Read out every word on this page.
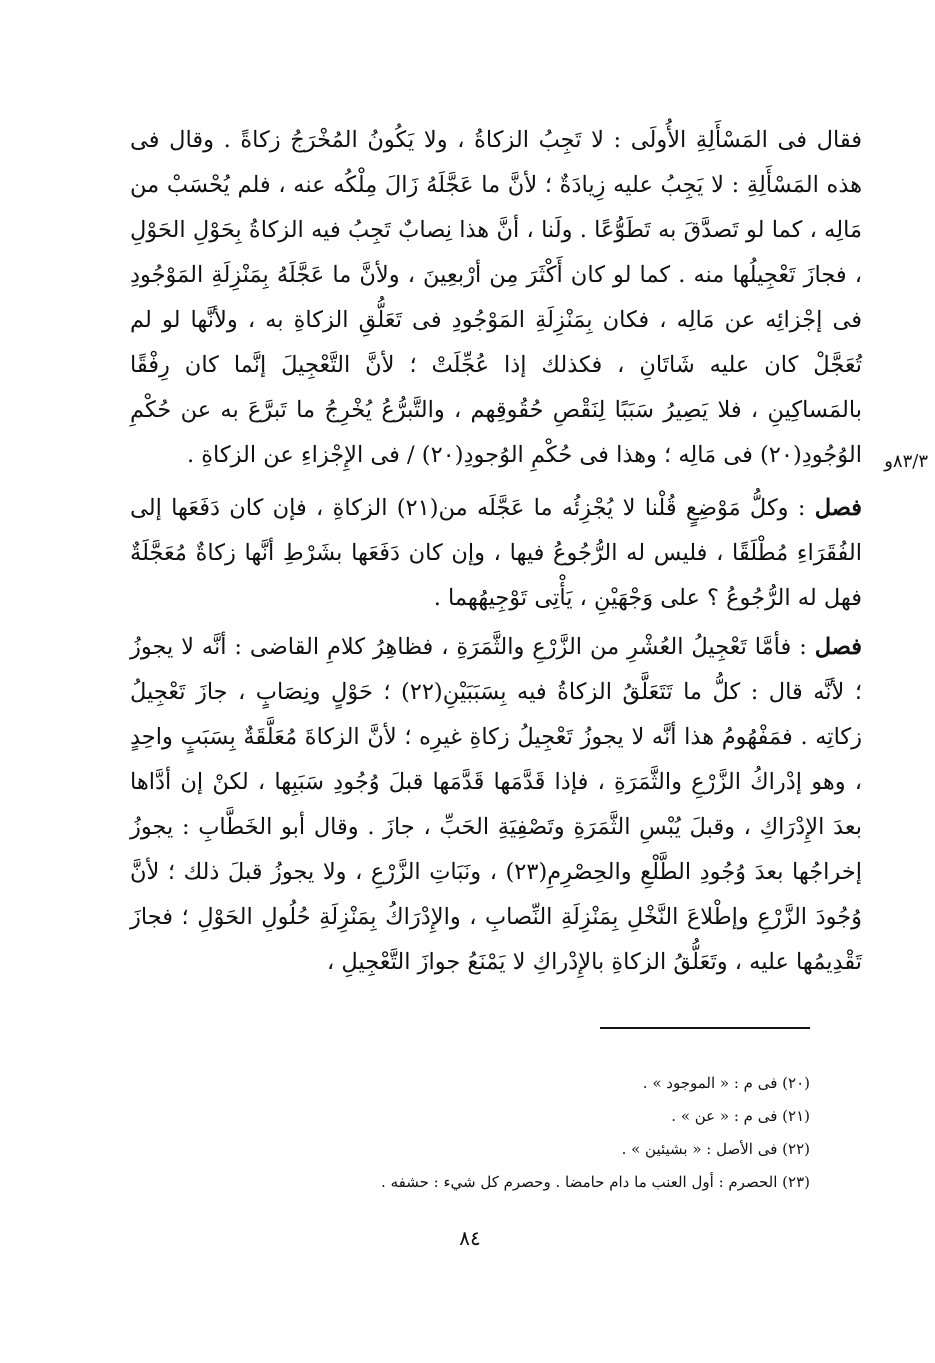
فقال فى المَسْأَلِةِ الأُولَى : لا تَجِبُ الزكاةُ ، ولا يَكُونُ المُخْرَجُ زكاةً . وقال فى هذه المَسْأَلِةِ : لا يَجِبُ عليه زِيادَةٌ ؛ لأنَّ ما عَجَّلَهُ زَالَ مِلْكُه عنه ، فلم يُحْسَبْ من مَالِه ، كما لو تَصدَّقَ به تَطَوُّعًا . ولَنا ، أنَّ هذا نِصابٌ تَجِبُ فيه الزكاةُ بِحَوْلِ الحَوْلِ ، فجازَ تَعْجِيلُها منه . كما لو كان أَكْثَرَ مِن أرْبعِينَ ، ولأنَّ ما عَجَّلَهُ بِمَنْزِلَةِ المَوْجُودِ فى إجْزائِه عن مَالِه ، فكان بِمَنْزِلَةِ المَوْجُودِ فى تَعَلُّقِ الزكاةِ به ، ولأنَّها لو لم تُعَجَّلْ كان عليه شَاتَانِ ، فكذلك إذا عُجِّلَتْ ؛ لأنَّ التَّعْجِيلَ إنَّما كان رِفْقًا بالمَساكِينِ ، فلا يَصِيرُ سَبَبًا لِنَقْصِ حُقُوقِهم ، والتَّبرُّعُ يُخْرِجُ ما تَبرَّعَ به عن حُكْمِ الوُجُودِ(٢٠) فى مَالِه ؛ وهذا فى حُكْمِ الوُجودِ(٢٠) / فى الإِجْزاءِ عن الزكاةِ .	٨٣/٣و

فصل : وكلُّ مَوْضِعٍ قُلْنا لا يُجْزِئُه ما عَجَّلَه من(٢١) الزكاةِ ، فإن كان دَفَعَها إلى الفُقَرَاءِ مُطْلَقًا ، فليس له الرُّجُوعُ فيها ، وإن كان دَفَعَها بشَرْطِ أنَّها زكاةٌ مُعَجَّلَةٌ فهل له الرُّجُوعُ ؟ على وَجْهَيْنِ ، يَأْتِى تَوْجِيهُهما .

فصل : فأمَّا تَعْجِيلُ العُشْرِ من الزَّرْعِ والثَّمَرَةِ ، فظاهِرُ كلامِ القاضى : أنَّه لا يجوزُ ؛ لأنَّه قال : كلُّ ما تَتَعَلَّقُ الزكاةُ فيه بِسَبَبَيْنِ(٢٢) ؛ حَوْلٍ ونِصَابٍ ، جازَ تَعْجِيلُ زكاتِه . فمَفْهُومُ هذا أنَّه لا يجوزُ تَعْجِيلُ زكاةِ غيرِه ؛ لأنَّ الزكاةَ مُعَلَّقَةٌ بِسَبَبٍ واحِدٍ ، وهو إدْراكُ الزَّرْعِ والثَّمَرَةِ ، فإذا قَدَّمَها قَدَّمَها قبلَ وُجُودِ سَبَبِها ، لكنْ إن أدَّاها بعدَ الإِدْرَاكِ ، وقبلَ يُبْسِ الثَّمَرَةِ وتَصْفِيَةِ الحَبِّ ، جازَ . وقال أبو الخَطَّابِ : يجوزُ إخراجُها بعدَ وُجُودِ الطَّلْعِ والحِصْرِمِ(٢٣) ، ونَبَاتِ الزَّرْعِ ، ولا يجوزُ قبلَ ذلك ؛ لأنَّ وُجُودَ الزَّرْعِ وإطْلاعَ النَّخْلِ بِمَنْزِلَةِ النِّصابِ ، والإِدْرَاكُ بِمَنْزِلَةِ حُلُولِ الحَوْلِ ؛ فجازَ تَقْدِيمُها عليه ، وتَعَلُّقُ الزكاةِ بالإِدْراكِ لا يَمْنَعُ جوازَ التَّعْجِيلِ ،

(٢٠) فى م : « الموجود » .
(٢١) فى م : « عن » .
(٢٢) فى الأصل : « بشيئين » .
(٢٣) الحصرم : أول العنب ما دام حامضا . وحصرم كل شيء : حشفه .
٨٤
